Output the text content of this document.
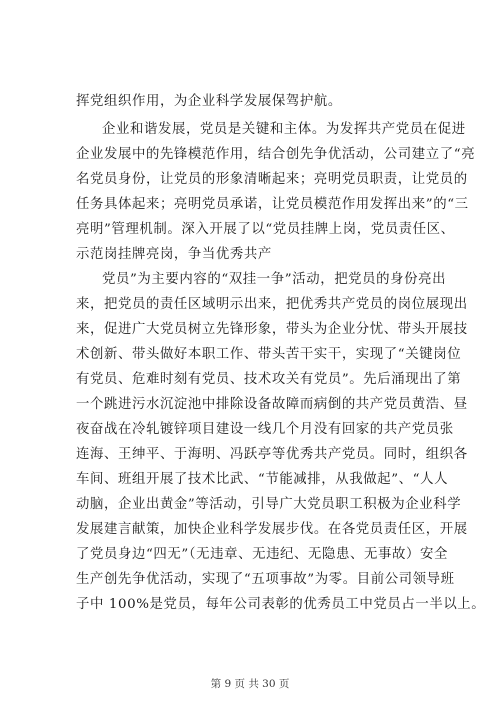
挥党组织作用，为企业科学发展保驾护航。
企业和谐发展，党员是关键和主体。为发挥共产党员在促进
企业发展中的先锋模范作用，结合创先争优活动，公司建立了“亮
名党员身份，让党员的形象清晰起来；亮明党员职责，让党员的
任务具体起来；亮明党员承诺，让党员模范作用发挥出来”的“三
亮明”管理机制。深入开展了以“党员挂牌上岗，党员责任区、
示范岗挂牌亮岗，争当优秀共产
党员”为主要内容的“双挂一争”活动，把党员的身份亮出
来，把党员的责任区域明示出来，把优秀共产党员的岗位展现出
来，促进广大党员树立先锋形象，带头为企业分忧、带头开展技
术创新、带头做好本职工作、带头苦干实干，实现了“关键岗位
有党员、危难时刻有党员、技术攻关有党员”。先后涌现出了第
一个跳进污水沉淀池中排除设备故障而病倒的共产党员黄浩、昼
夜奋战在冷轧镀锌项目建设一线几个月没有回家的共产党员张
连海、王绅平、于海明、冯跃亭等优秀共产党员。同时，组织各
车间、班组开展了技术比武、“节能减排，从我做起”、“人人
动脑，企业出黄金”等活动，引导广大党员职工积极为企业科学
发展建言献策，加快企业科学发展步伐。在各党员责任区，开展
了党员身边“四无”（无违章、无违纪、无隐患、无事故）安全
生产创先争优活动，实现了“五项事故”为零。目前公司领导班
子中 100%是党员，每年公司表彰的优秀员工中党员占一半以上。
第 9 页 共 30 页
